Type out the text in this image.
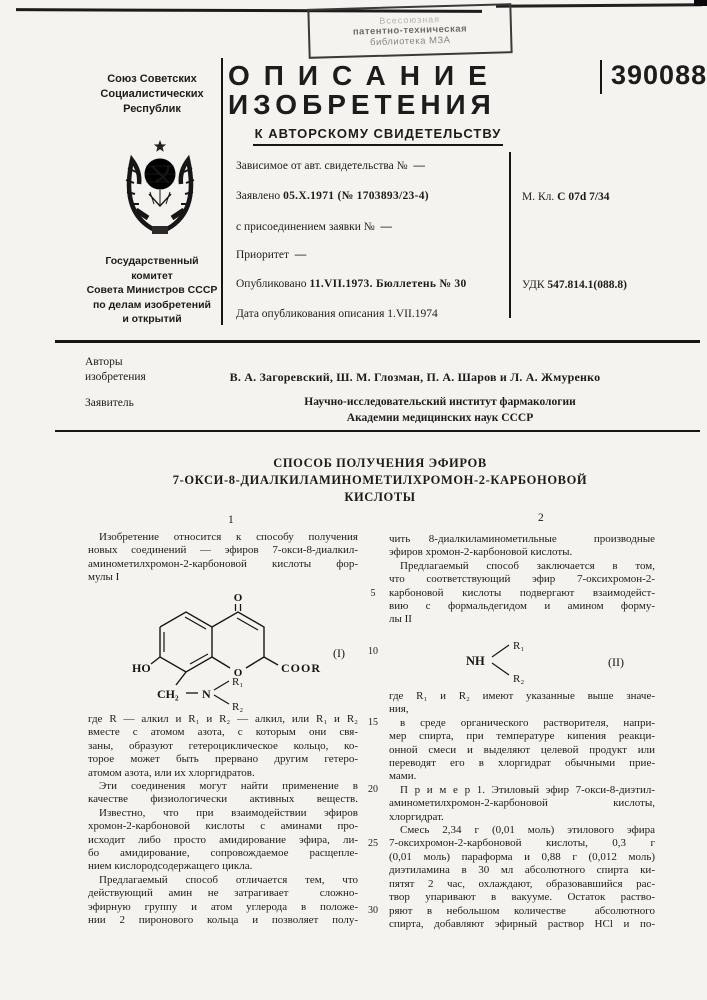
Всесоюзная
патентно-техническая
библиотека МЗА
Союз Советских
Социалистических
Республик
ОПИСАНИЕ
ИЗОБРЕТЕНИЯ
390088
К АВТОРСКОМУ СВИДЕТЕЛЬСТВУ
Государственный комитет
Совета Министров СССР
по делам изобретений
и открытий
Зависимое от авт. свидетельства № —
Заявлено 05.X.1971 (№ 1703893/23-4)
с присоединением заявки № —
Приоритет —
Опубликовано 11.VII.1973. Бюллетень № 30
Дата опубликования описания 1.VII.1974
М. Кл. C 07d 7/34
УДК 547.814.1(088.8)
Авторы
изобретения	В. А. Загоревский, Ш. М. Глозман, П. А. Шаров и Л. А. Жмуренко
Заявитель	Научно-исследовательский институт фармакологии
Академии медицинских наук СССР
СПОСОБ ПОЛУЧЕНИЯ ЭФИРОВ
7-ОКСИ-8-ДИАЛКИЛАМИНОМЕТИЛХРОМОН-2-КАРБОНОВОЙ
КИСЛОТЫ
1	2
 Изобретение относится к способу получения
новых соединений — эфиров 7-окси-8-диалкил-
аминометилхромон-2-карбоновой кислоты фор-
мулы I
O
O	COOR
(I)
HO
CH₂ N
R₁
R₂
где R — алкил и R₁ и R₂ — алкил, или R₁ и R₂
вместе с атомом азота, с которым они свя-
заны, образуют гетероциклическое кольцо, ко-
торое может быть прервано другим гетеро-
атомом азота, или их хлоргидратов.
 Эти соединения могут найти применение в
качестве физиологически активных веществ.
 Известно, что при взаимодействии эфиров
хромон-2-карбоновой кислоты с аминами про-
исходит либо просто амидирование эфира, ли-
бо амидирование, сопровождаемое расщепле-
нием кислородсодержащего цикла.
 Предлагаемый способ отличается тем, что
действующий амин не затрагивает  сложно-
эфирную группу и атом углерода в положе-
нии 2 пиронового кольца и позволяет полу-
чить 8-диалкиламинометильные  производные
эфиров хромон-2-карбоновой кислоты.
 Предлагаемый способ заключается в том,
что соответствующий эфир 7-оксихромон-2-
карбоновой кислоты подвергают взаимодейст-
вию с формальдегидом и амином форму-
лы II
NH
R₁
R₂
(II)
где R₁ и R₂ имеют указанные выше значе-
ния,
 в среде органического растворителя, напри-
мер спирта, при температуре кипения реакци-
онной смеси и выделяют целевой продукт или
переводят его в хлоргидрат обычными прие-
мами.
 П р и м е р 1. Этиловый эфир 7-окси-8-диэтил-
аминометилхромон-2-карбоновой кислоты,
хлоргидрат.
 Смесь 2,34 г (0,01 моль) этилового эфира
7-оксихромон-2-карбоновой кислоты, 0,3 г
(0,01 моль) параформа и 0,88 г (0,012 моль)
диэтиламина в 30 мл абсолютного спирта ки-
пятят 2 час, охлаждают, образовавшийся рас-
твор упаривают в вакууме. Остаток раство-
ряют в небольшом количестве  абсолютного
спирта, добавляют эфирный раствор HCl и по-
5
10
15
20
25
30
